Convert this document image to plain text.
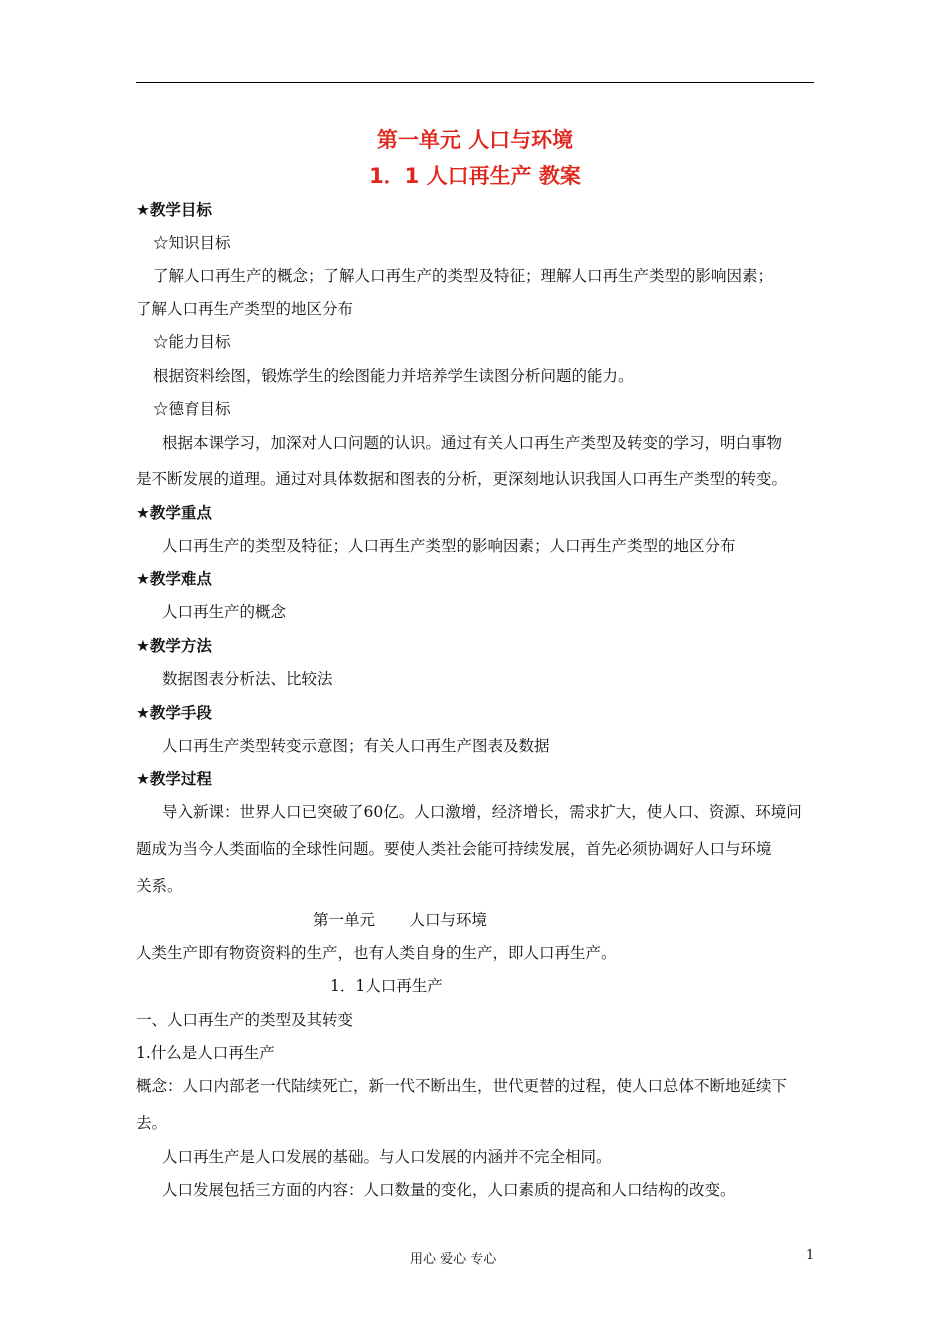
第一单元 人口与环境
1．1 人口再生产 教案
★教学目标
☆知识目标
了解人口再生产的概念；了解人口再生产的类型及特征；理解人口再生产类型的影响因素；
了解人口再生产类型的地区分布
☆能力目标
根据资料绘图，锻炼学生的绘图能力并培养学生读图分析问题的能力。
☆德育目标
根据本课学习，加深对人口问题的认识。通过有关人口再生产类型及转变的学习，明白事物
是不断发展的道理。通过对具体数据和图表的分析，更深刻地认识我国人口再生产类型的转变。
★教学重点
人口再生产的类型及特征；人口再生产类型的影响因素；人口再生产类型的地区分布
★教学难点
人口再生产的概念
★教学方法
数据图表分析法、比较法
★教学手段
人口再生产类型转变示意图；有关人口再生产图表及数据
★教学过程
导入新课：世界人口已突破了60亿。人口激增，经济增长，需求扩大，使人口、资源、环境问
题成为当今人类面临的全球性问题。要使人类社会能可持续发展，首先必须协调好人口与环境
关系。
第一单元       人口与环境
人类生产即有物资资料的生产，也有人类自身的生产，即人口再生产。
1．1人口再生产
一、人口再生产的类型及其转变
1.什么是人口再生产
概念：人口内部老一代陆续死亡，新一代不断出生，世代更替的过程，使人口总体不断地延续下
去。
人口再生产是人口发展的基础。与人口发展的内涵并不完全相同。
人口发展包括三方面的内容：人口数量的变化，人口素质的提高和人口结构的改变。
用心 爱心 专心	1
